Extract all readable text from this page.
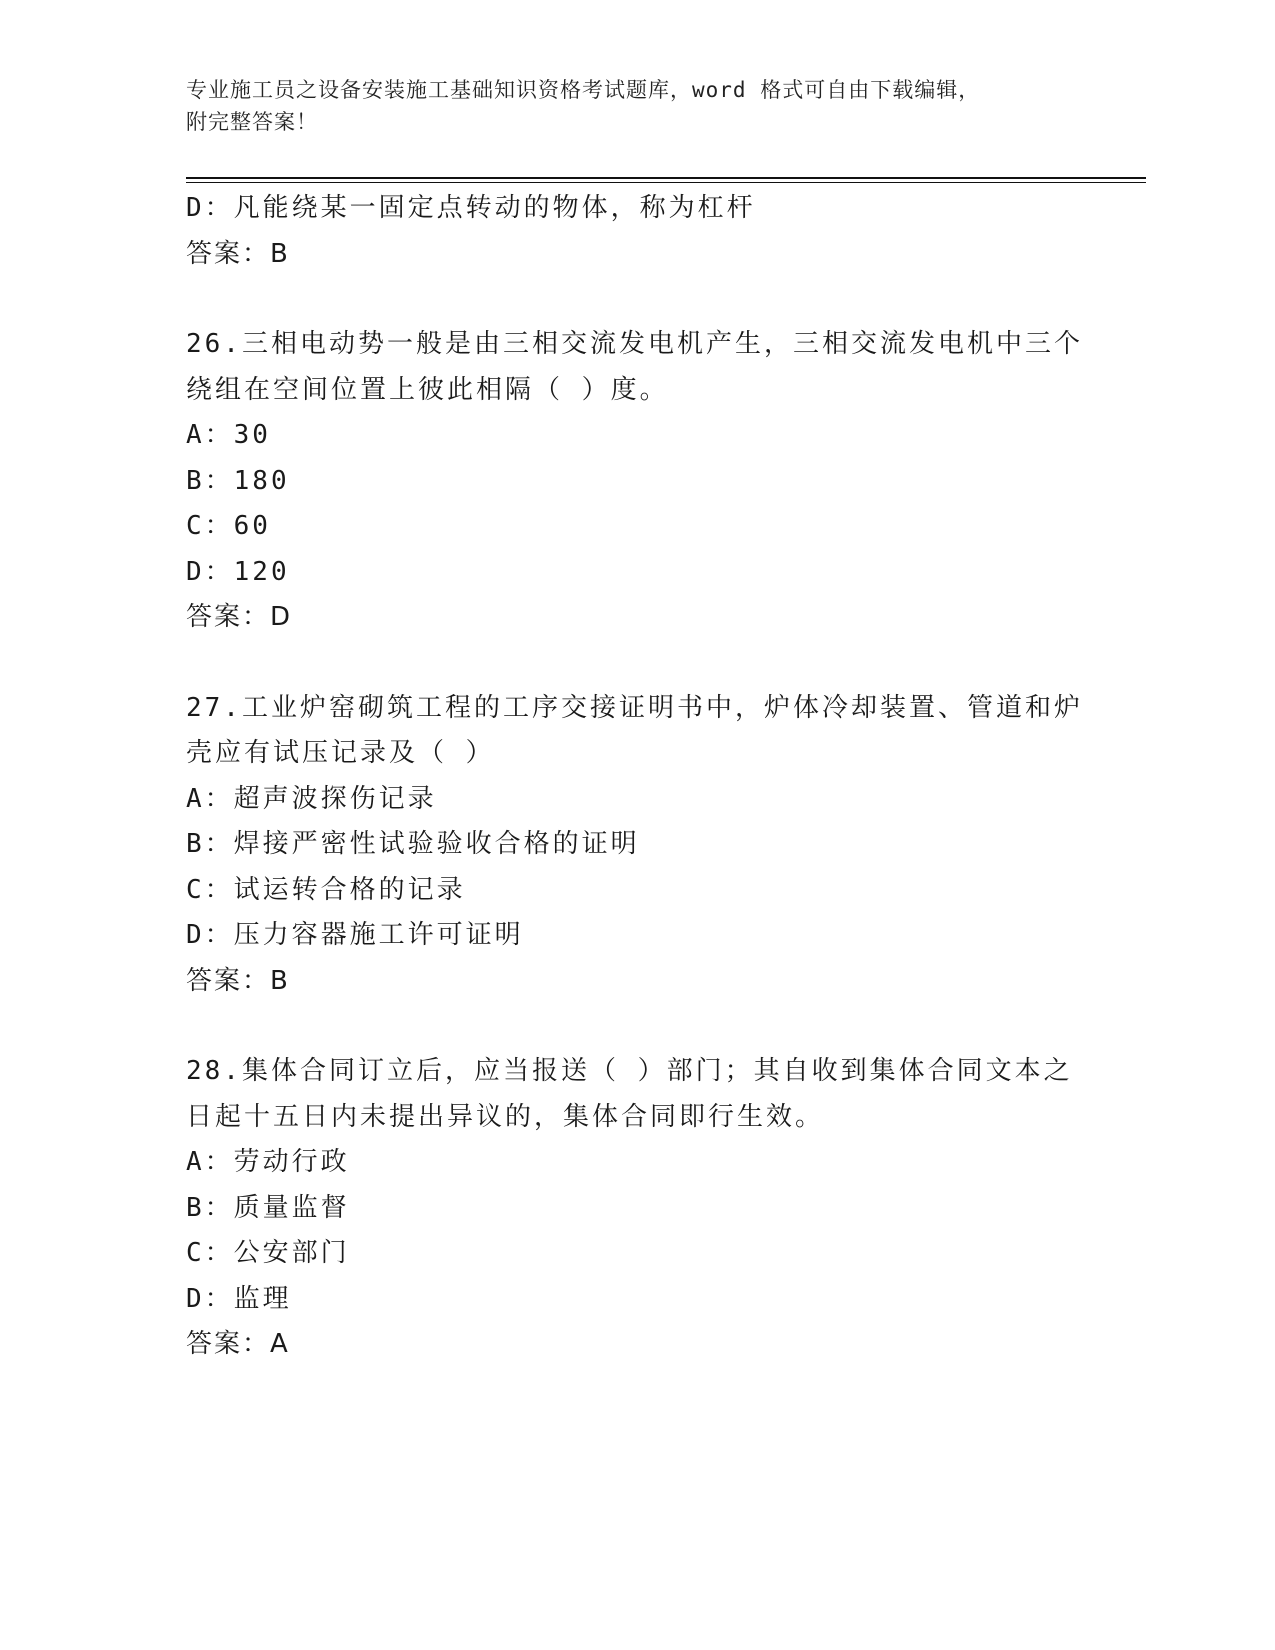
专业施工员之设备安装施工基础知识资格考试题库，word 格式可自由下载编辑，
附完整答案！
D：凡能绕某一固定点转动的物体，称为杠杆
答案：B
26.三相电动势一般是由三相交流发电机产生，三相交流发电机中三个
绕组在空间位置上彼此相隔（ ）度。
A：30
B：180
C：60
D：120
答案：D
27.工业炉窑砌筑工程的工序交接证明书中，炉体冷却装置、管道和炉
壳应有试压记录及（ ）
A：超声波探伤记录
B：焊接严密性试验验收合格的证明
C：试运转合格的记录
D：压力容器施工许可证明
答案：B
28.集体合同订立后，应当报送（ ）部门；其自收到集体合同文本之
日起十五日内未提出异议的，集体合同即行生效。
A：劳动行政
B：质量监督
C：公安部门
D：监理
答案：A
